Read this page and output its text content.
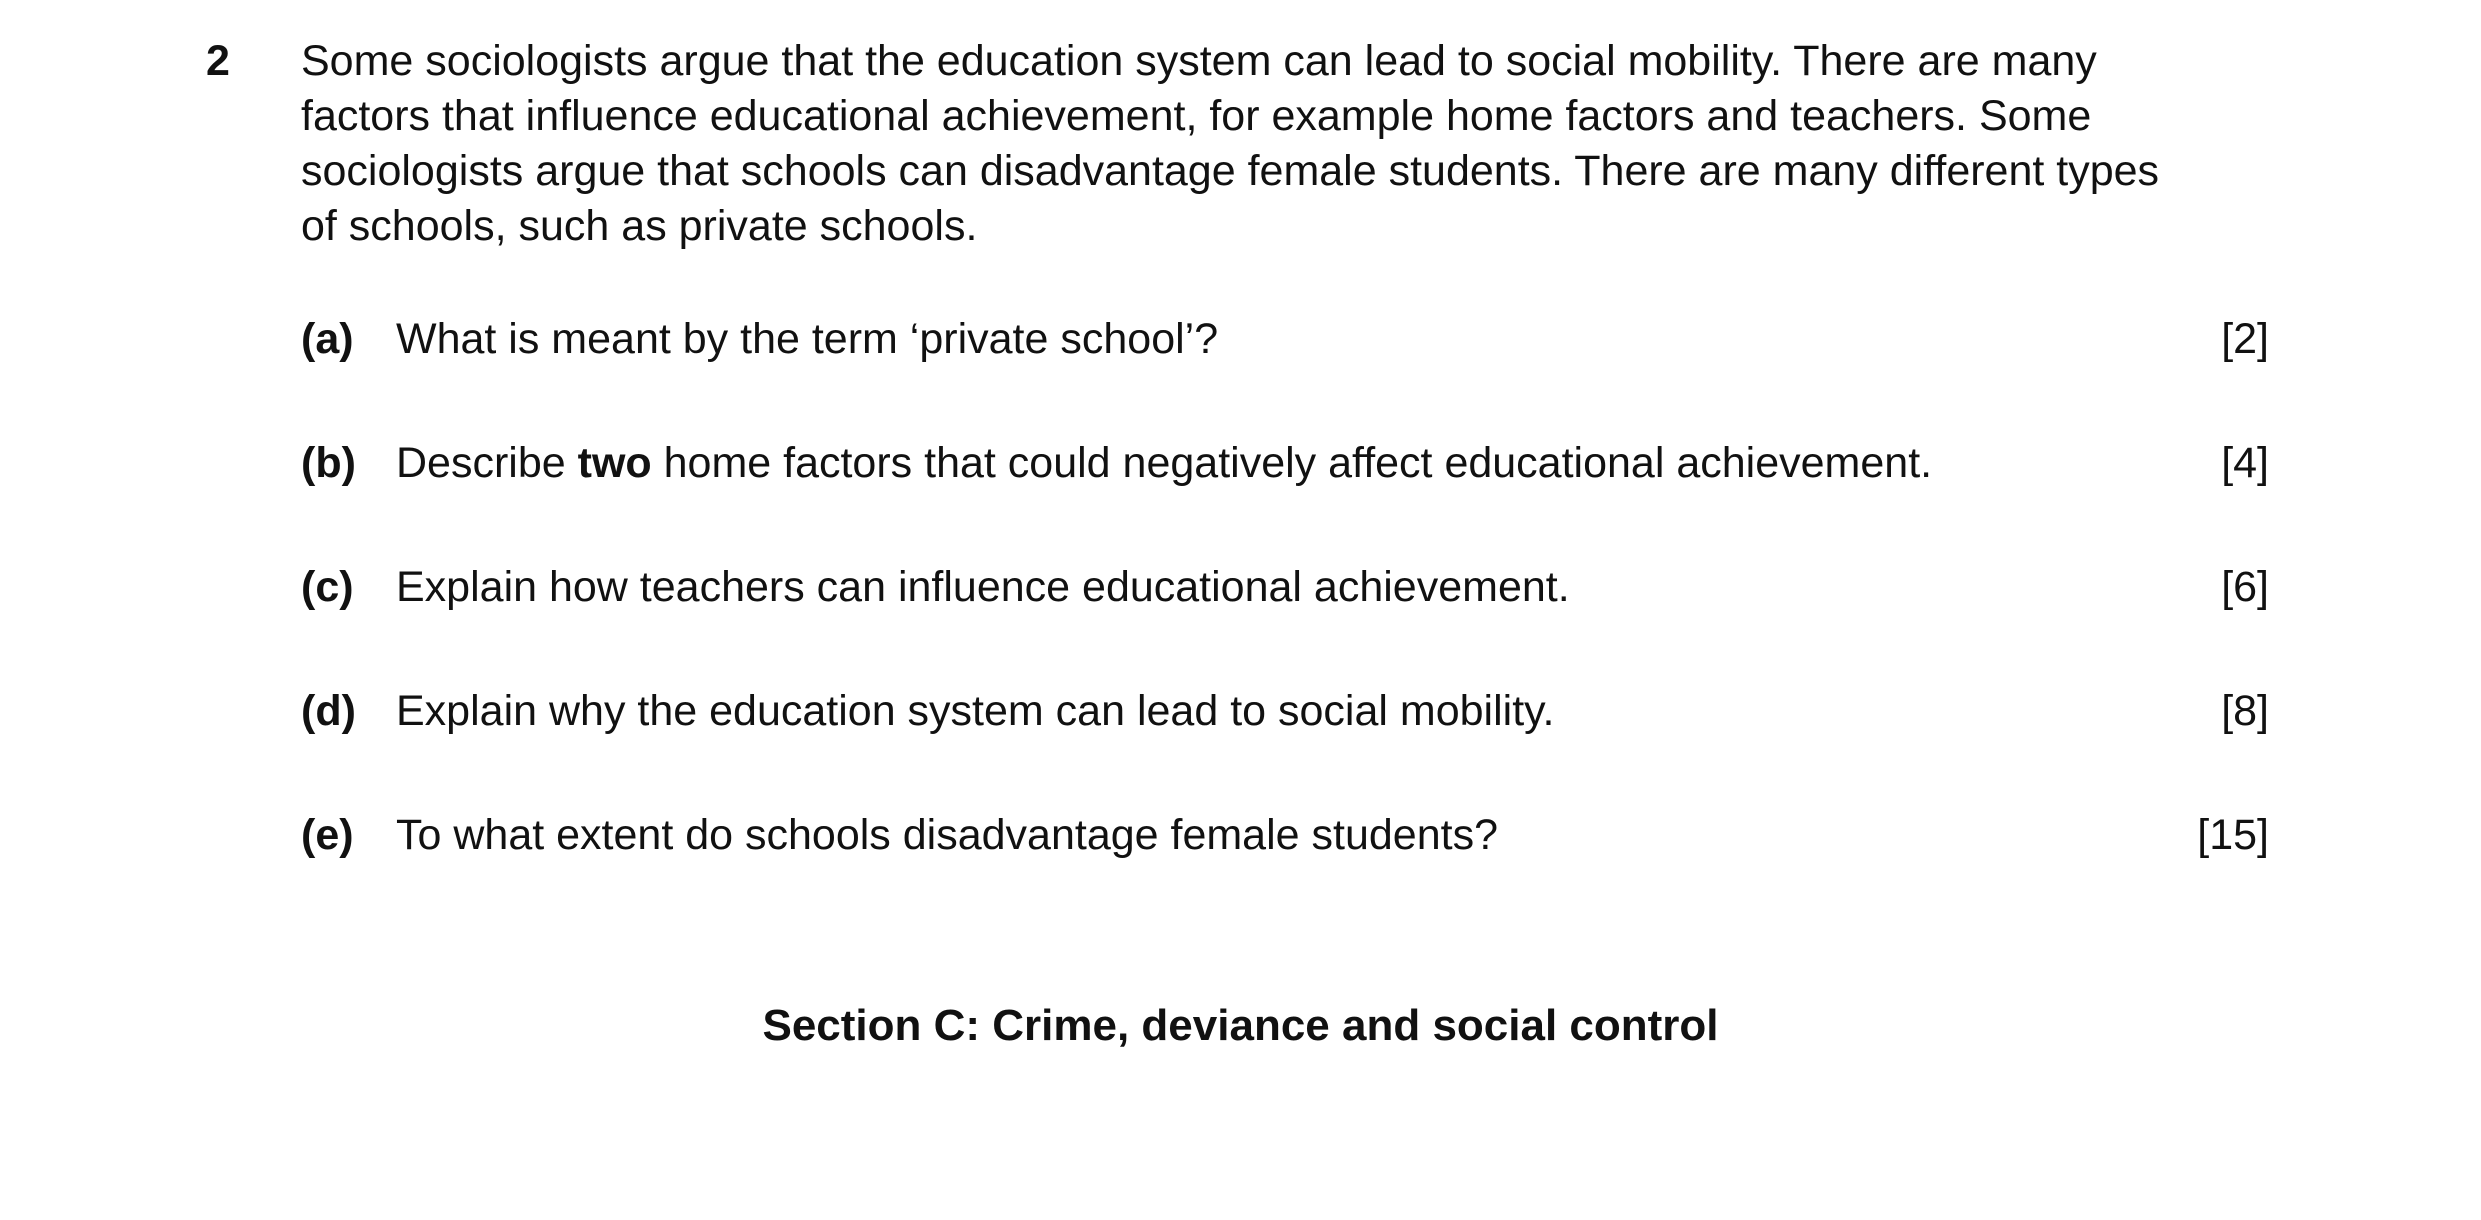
2 Some sociologists argue that the education system can lead to social mobility. There are many
factors that influence educational achievement, for example home factors and teachers. Some
sociologists argue that schools can disadvantage female students. There are many different types
of schools, such as private schools.
(a) What is meant by the term ‘private school’?	[2]
(b) Describe two home factors that could negatively affect educational achievement.	[4]
(c) Explain how teachers can influence educational achievement.	[6]
(d) Explain why the education system can lead to social mobility.	[8]
(e) To what extent do schools disadvantage female students?	[15]
Section C: Crime, deviance and social control
